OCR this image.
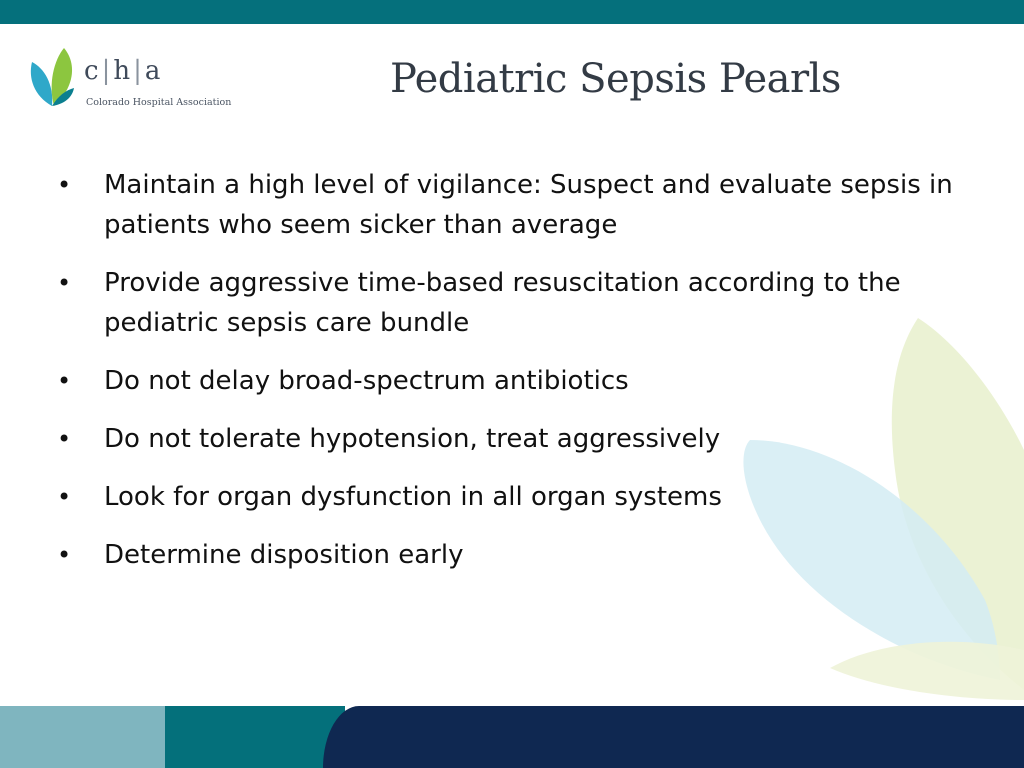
c|h|a
Colorado Hospital Association
Pediatric Sepsis Pearls
• Maintain a high level of vigilance: Suspect and evaluate sepsis in patients who seem sicker than average
• Provide aggressive time-based resuscitation according to the pediatric sepsis care bundle
• Do not delay broad-spectrum antibiotics
• Do not tolerate hypotension, treat aggressively
• Look for organ dysfunction in all organ systems
• Determine disposition early
